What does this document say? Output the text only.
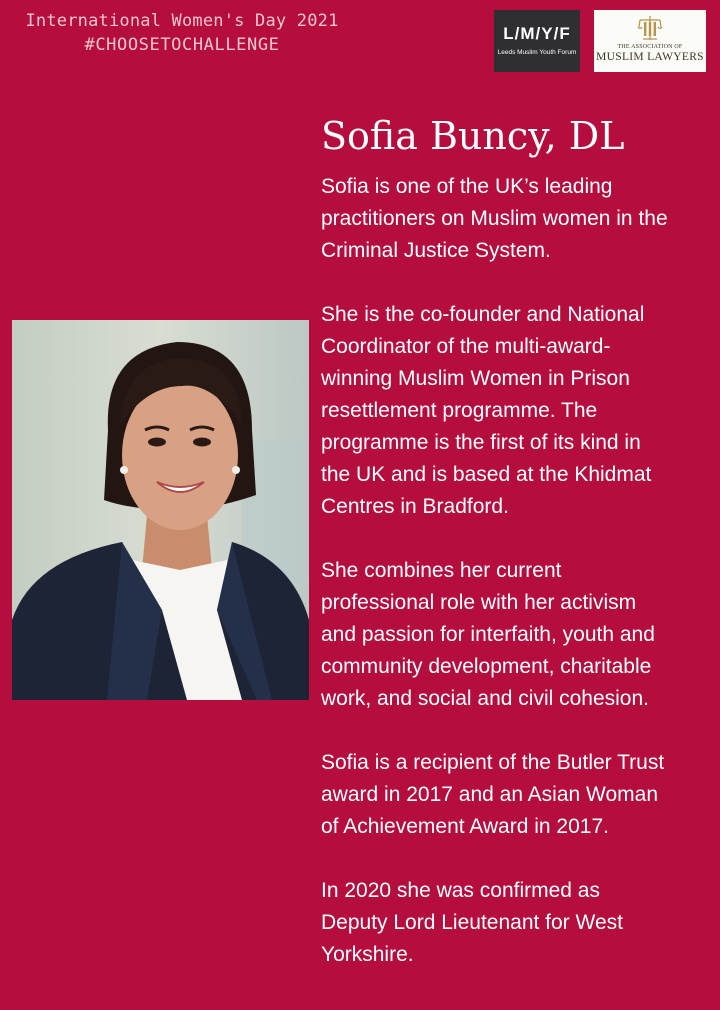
International Women's Day 2021
#CHOOSETOCHALLENGE
L/M/Y/F
Leeds Muslim Youth Forum
THE ASSOCIATION OF
MUSLIM LAWYERS
Sofia Buncy, DL

Sofia is one of the UK’s leading
practitioners on Muslim women in the
Criminal Justice System.

She is the co-founder and National
Coordinator of the multi-award-
winning Muslim Women in Prison
resettlement programme. The
programme is the first of its kind in
the UK and is based at the Khidmat
Centres in Bradford.

She combines her current
professional role with her activism
and passion for interfaith, youth and
community development, charitable
work, and social and civil cohesion.

Sofia is a recipient of the Butler Trust
award in 2017 and an Asian Woman
of Achievement Award in 2017.

In 2020 she was confirmed as
Deputy Lord Lieutenant for West
Yorkshire.
